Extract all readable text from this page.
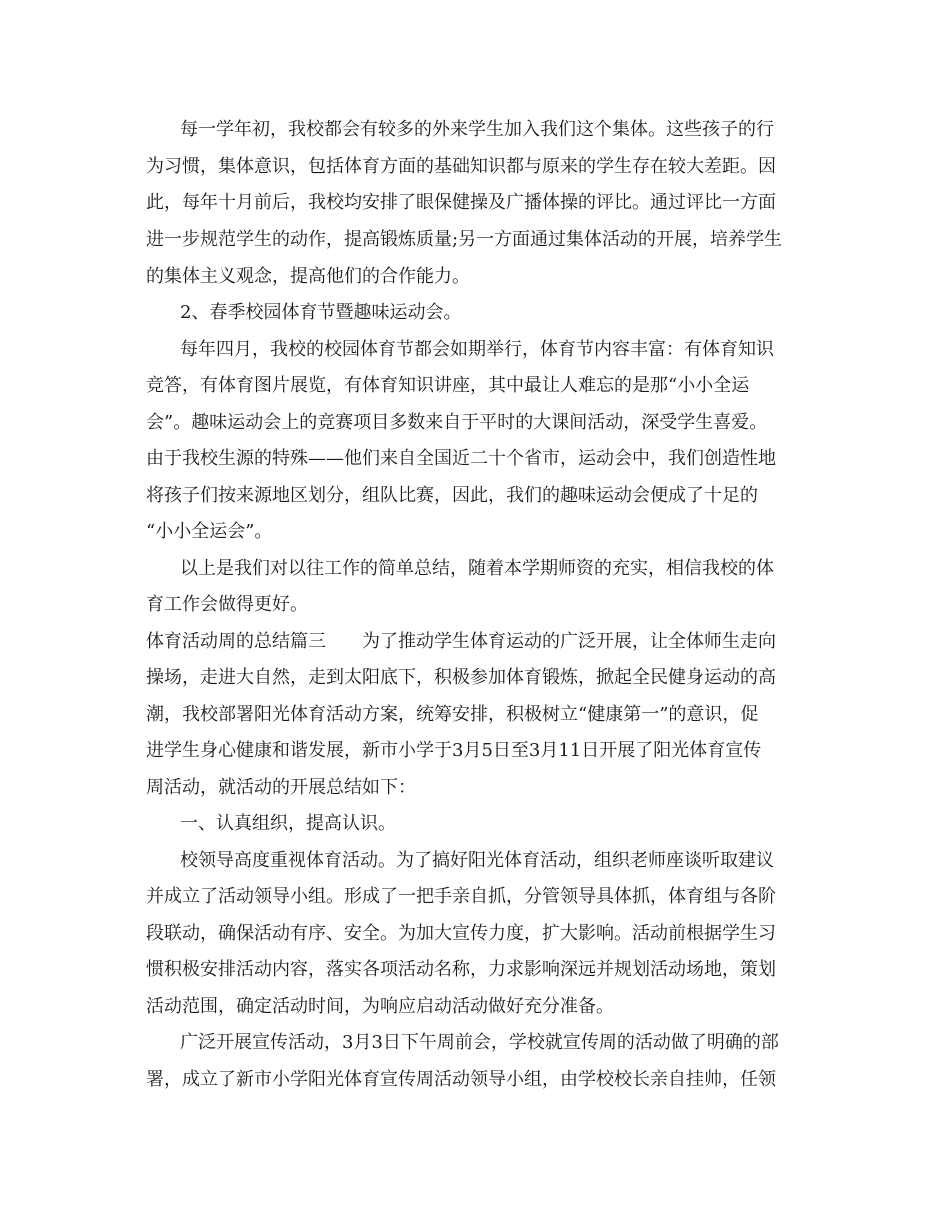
每一学年初，我校都会有较多的外来学生加入我们这个集体。这些孩子的行
为习惯，集体意识，包括体育方面的基础知识都与原来的学生存在较大差距。因
此，每年十月前后，我校均安排了眼保健操及广播体操的评比。通过评比一方面
进一步规范学生的动作，提高锻炼质量;另一方面通过集体活动的开展，培养学生
的集体主义观念，提高他们的合作能力。
2、春季校园体育节暨趣味运动会。
每年四月，我校的校园体育节都会如期举行，体育节内容丰富：有体育知识
竞答，有体育图片展览，有体育知识讲座，其中最让人难忘的是那“小小全运
会”。趣味运动会上的竞赛项目多数来自于平时的大课间活动，深受学生喜爱。
由于我校生源的特殊——他们来自全国近二十个省市，运动会中，我们创造性地
将孩子们按来源地区划分，组队比赛，因此，我们的趣味运动会便成了十足的
“小小全运会”。
以上是我们对以往工作的简单总结，随着本学期师资的充实，相信我校的体
育工作会做得更好。
体育活动周的总结篇三　　为了推动学生体育运动的广泛开展，让全体师生走向
操场，走进大自然，走到太阳底下，积极参加体育锻炼，掀起全民健身运动的高
潮，我校部署阳光体育活动方案，统筹安排，积极树立“健康第一”的意识，促
进学生身心健康和谐发展，新市小学于3月5日至3月11日开展了阳光体育宣传
周活动，就活动的开展总结如下：
一、认真组织，提高认识。
校领导高度重视体育活动。为了搞好阳光体育活动，组织老师座谈听取建议
并成立了活动领导小组。形成了一把手亲自抓，分管领导具体抓，体育组与各阶
段联动，确保活动有序、安全。为加大宣传力度，扩大影响。活动前根据学生习
惯积极安排活动内容，落实各项活动名称，力求影响深远并规划活动场地，策划
活动范围，确定活动时间，为响应启动活动做好充分准备。
广泛开展宣传活动，3月3日下午周前会，学校就宣传周的活动做了明确的部
署，成立了新市小学阳光体育宣传周活动领导小组，由学校校长亲自挂帅，任领
